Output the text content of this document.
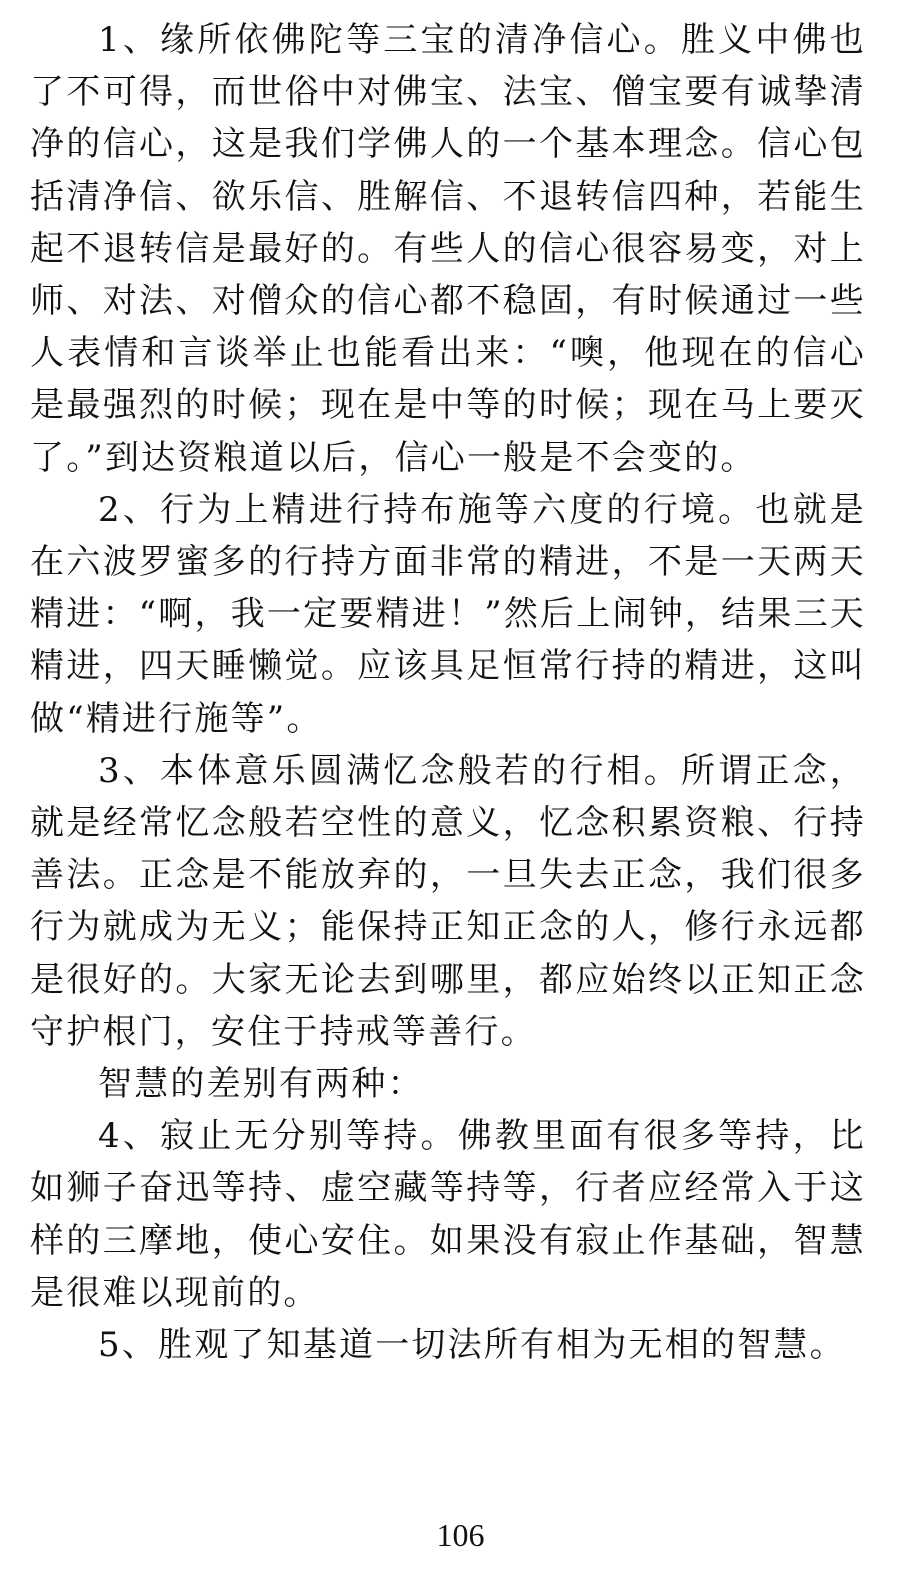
1、缘所依佛陀等三宝的清净信心。胜义中佛也了不可得，而世俗中对佛宝、法宝、僧宝要有诚挚清净的信心，这是我们学佛人的一个基本理念。信心包括清净信、欲乐信、胜解信、不退转信四种，若能生起不退转信是最好的。有些人的信心很容易变，对上师、对法、对僧众的信心都不稳固，有时候通过一些人表情和言谈举止也能看出来：“噢，他现在的信心是最强烈的时候；现在是中等的时候；现在马上要灭了。”到达资粮道以后，信心一般是不会变的。

2、行为上精进行持布施等六度的行境。也就是在六波罗蜜多的行持方面非常的精进，不是一天两天精进：“啊，我一定要精进！”然后上闹钟，结果三天精进，四天睡懒觉。应该具足恒常行持的精进，这叫做“精进行施等”。

3、本体意乐圆满忆念般若的行相。所谓正念，就是经常忆念般若空性的意义，忆念积累资粮、行持善法。正念是不能放弃的，一旦失去正念，我们很多行为就成为无义；能保持正知正念的人，修行永远都是很好的。大家无论去到哪里，都应始终以正知正念守护根门，安住于持戒等善行。

智慧的差别有两种：

4、寂止无分别等持。佛教里面有很多等持，比如狮子奋迅等持、虚空藏等持等，行者应经常入于这样的三摩地，使心安住。如果没有寂止作基础，智慧是很难以现前的。

5、胜观了知基道一切法所有相为无相的智慧。

106
